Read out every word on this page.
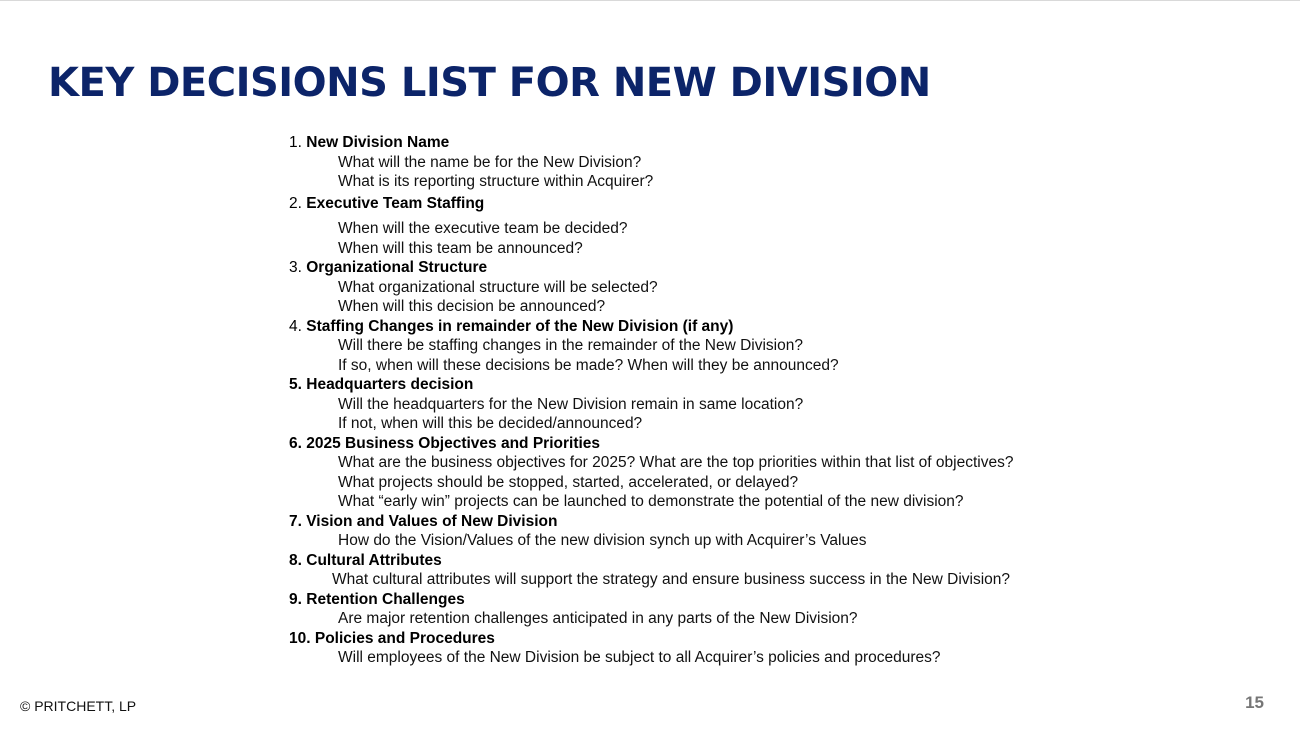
KEY DECISIONS LIST FOR NEW DIVISION
1. New Division Name
What will the name be for the New Division?
What is its reporting structure within Acquirer?
2. Executive Team Staffing
When will the executive team be decided?
When will this team be announced?
3. Organizational Structure
What organizational structure will be selected?
When will this decision be announced?
4. Staffing Changes in remainder of the New Division (if any)
Will there be staffing changes in the remainder of the New Division?
If so, when will these decisions be made? When will they be announced?
5. Headquarters decision
Will the headquarters for the New Division remain in same location?
If not, when will this be decided/announced?
6. 2025 Business Objectives and Priorities
What are the business objectives for 2025? What are the top priorities within that list of objectives?
What projects should be stopped, started, accelerated, or delayed?
What “early win” projects can be launched to demonstrate the potential of the new division?
7. Vision and Values of New Division
How do the Vision/Values of the new division synch up with Acquirer’s Values
8. Cultural Attributes
What cultural attributes will support the strategy and ensure business success in the New Division?
9. Retention Challenges
Are major retention challenges anticipated in any parts of the New Division?
10. Policies and Procedures
Will employees of the New Division be subject to all Acquirer’s policies and procedures?
© PRITCHETT, LP	15
